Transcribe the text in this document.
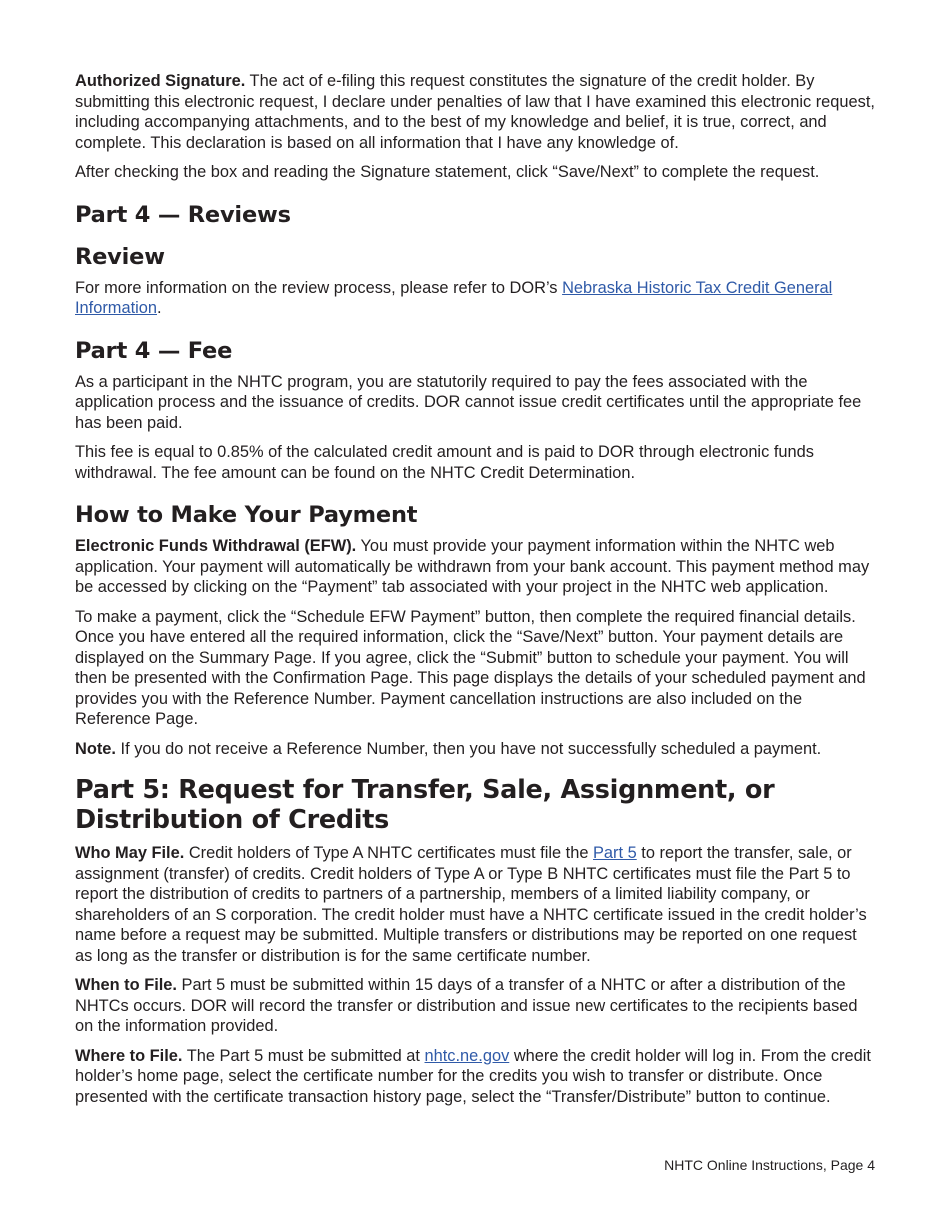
Authorized Signature. The act of e-filing this request constitutes the signature of the credit holder. By submitting this electronic request, I declare under penalties of law that I have examined this electronic request, including accompanying attachments, and to the best of my knowledge and belief, it is true, correct, and complete. This declaration is based on all information that I have any knowledge of.

After checking the box and reading the Signature statement, click “Save/Next” to complete the request.

Part 4 — Reviews
Review

For more information on the review process, please refer to DOR’s Nebraska Historic Tax Credit General Information.

Part 4 — Fee

As a participant in the NHTC program, you are statutorily required to pay the fees associated with the application process and the issuance of credits. DOR cannot issue credit certificates until the appropriate fee has been paid.

This fee is equal to 0.85% of the calculated credit amount and is paid to DOR through electronic funds withdrawal. The fee amount can be found on the NHTC Credit Determination.

How to Make Your Payment

Electronic Funds Withdrawal (EFW). You must provide your payment information within the NHTC web application. Your payment will automatically be withdrawn from your bank account. This payment method may be accessed by clicking on the “Payment” tab associated with your project in the NHTC web application.

To make a payment, click the “Schedule EFW Payment” button, then complete the required financial details. Once you have entered all the required information, click the “Save/Next” button. Your payment details are displayed on the Summary Page. If you agree, click the “Submit” button to schedule your payment. You will then be presented with the Confirmation Page. This page displays the details of your scheduled payment and provides you with the Reference Number. Payment cancellation instructions are also included on the Reference Page.

Note. If you do not receive a Reference Number, then you have not successfully scheduled a payment.

Part 5: Request for Transfer, Sale, Assignment, or Distribution of Credits

Who May File. Credit holders of Type A NHTC certificates must file the Part 5 to report the transfer, sale, or assignment (transfer) of credits. Credit holders of Type A or Type B NHTC certificates must file the Part 5 to report the distribution of credits to partners of a partnership, members of a limited liability company, or shareholders of an S corporation. The credit holder must have a NHTC certificate issued in the credit holder’s name before a request may be submitted. Multiple transfers or distributions may be reported on one request as long as the transfer or distribution is for the same certificate number.

When to File. Part 5 must be submitted within 15 days of a transfer of a NHTC or after a distribution of the NHTCs occurs. DOR will record the transfer or distribution and issue new certificates to the recipients based on the information provided.

Where to File. The Part 5 must be submitted at nhtc.ne.gov where the credit holder will log in. From the credit holder’s home page, select the certificate number for the credits you wish to transfer or distribute. Once presented with the certificate transaction history page, select the “Transfer/Distribute” button to continue.

NHTC Online Instructions, Page 4
